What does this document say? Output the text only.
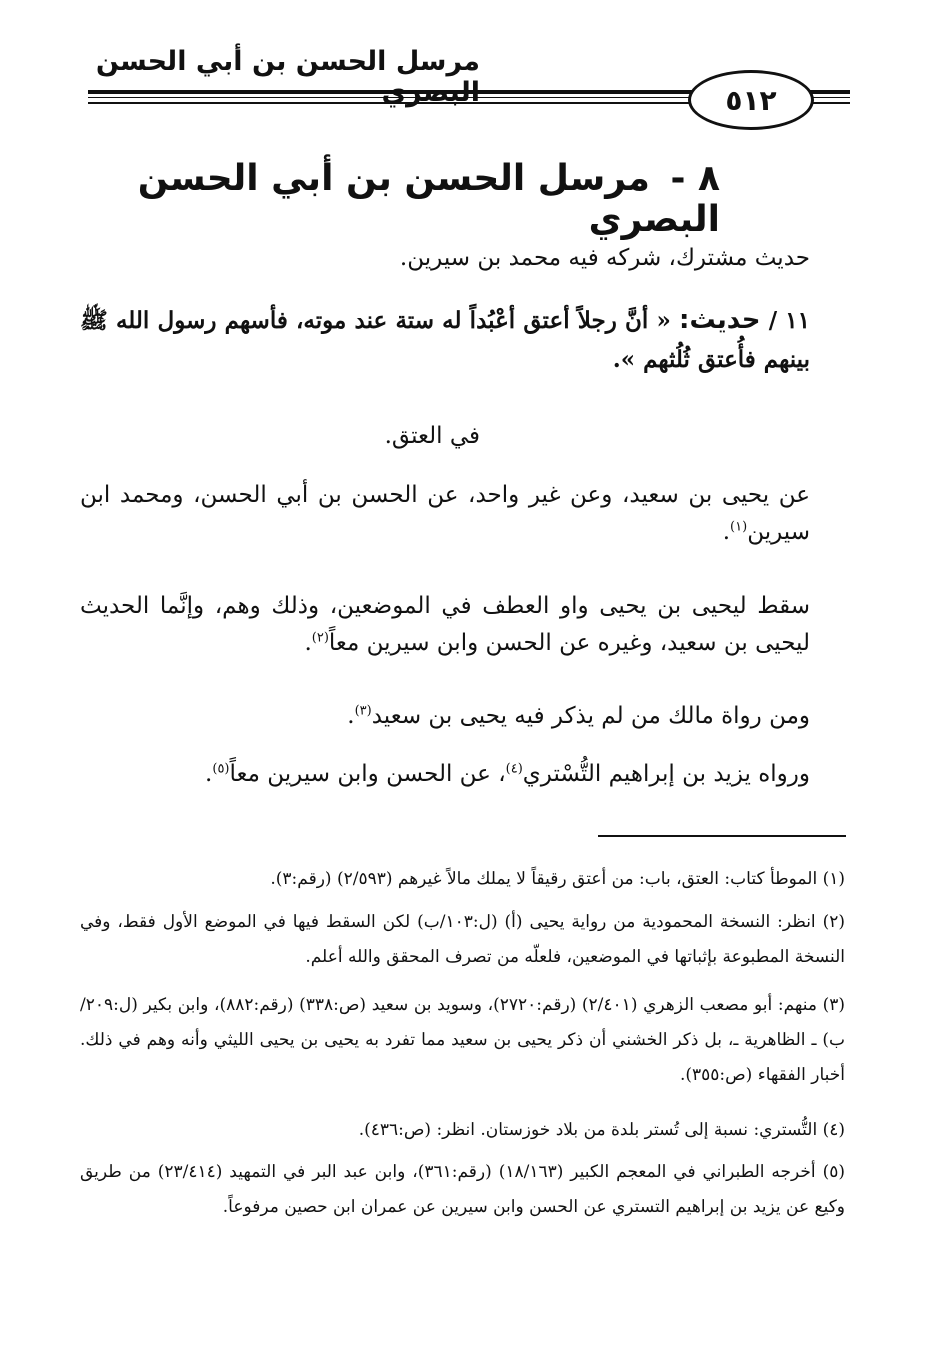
مرسل الحسن بن أبي الحسن
٥١٢
٨ - مرسل الحسن بن أبي الحسن البصري

حديث مشترك، شركه فيه محمد بن سيرين.

١١ / حديث: « أنَّ رجلاً أعتق أعْبُداً له ستة عند موته، فأسهم رسول الله ﷺ بينهم فأُعتق ثُلُثهم ».

في العتق.

عن يحيى بن سعيد، وعن غير واحد، عن الحسن بن أبي الحسن، ومحمد ابن سيرين$^{(١)}$.

سقط ليحيى بن يحيى واو العطف في الموضعين، وذلك وهم، وإنَّما الحديث ليحيى بن سعيد، وغيره عن الحسن وابن سيرين معاً$^{(٢)}$.

ومن رواة مالك من لم يذكر فيه يحيى بن سعيد$^{(٣)}$.

ورواه يزيد بن إبراهيم التُّسْتري$^{(٤)}$، عن الحسن وابن سيرين معاً$^{(٥)}$.

(١) الموطأ كتاب: العتق، باب: من أعتق رقيقاً لا يملك مالاً غيرهم (٢/٥٩٣) (رقم:٣).

(٢) انظر: النسخة المحمودية من رواية يحيى (أ) (ل:١٠٣/ب) لكن السقط فيها في الموضع الأول فقط، وفي النسخة المطبوعة بإثباتها في الموضعين، فلعلّه من تصرف المحقق والله أعلم.

(٣) منهم: أبو مصعب الزهري (٢/٤٠١) (رقم:٢٧٢٠)، وسويد بن سعيد (ص:٣٣٨) (رقم:٨٨٢)، وابن بكير (ل:٢٠٩/ب) ـ الظاهرية ـ، بل ذكر الخشني أن ذكر يحيى بن سعيد مما تفرد به يحيى بن يحيى الليثي وأنه وهم في ذلك. أخبار الفقهاء (ص:٣٥٥).

(٤) التُّستري: نسبة إلى تُستر بلدة من بلاد خوزستان. انظر: (ص:٤٣٦).

(٥) أخرجه الطبراني في المعجم الكبير (١٨/١٦٣) (رقم:٣٦١)، وابن عبد البر في التمهيد (٢٣/٤١٤) من طريق وكيع عن يزيد بن إبراهيم التستري عن الحسن وابن سيرين عن عمران ابن حصين مرفوعاً.
